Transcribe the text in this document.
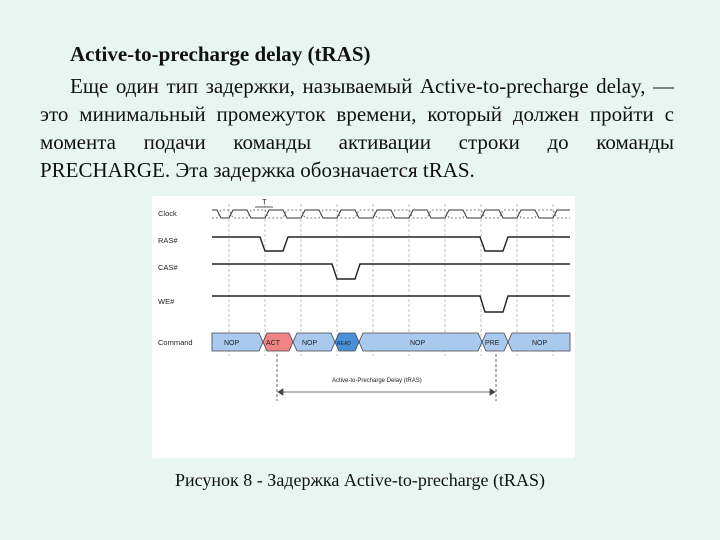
Active-to-precharge delay (tRAS)

Еще один тип задержки, называемый Active-to-precharge delay, — это минимальный промежуток времени, который должен пройти с момента подачи команды активации строки до команды PRECHARGE. Эта задержка обозначается tRAS.

Clock
RAS#
CAS#
WE#
Command
T
NOP	ACT	NOP	READ	NOP	PRE	NOP
Active-to-Precharge Delay (tRAS)
Рисунок 8 - Задержка Active-to-precharge (tRAS)
